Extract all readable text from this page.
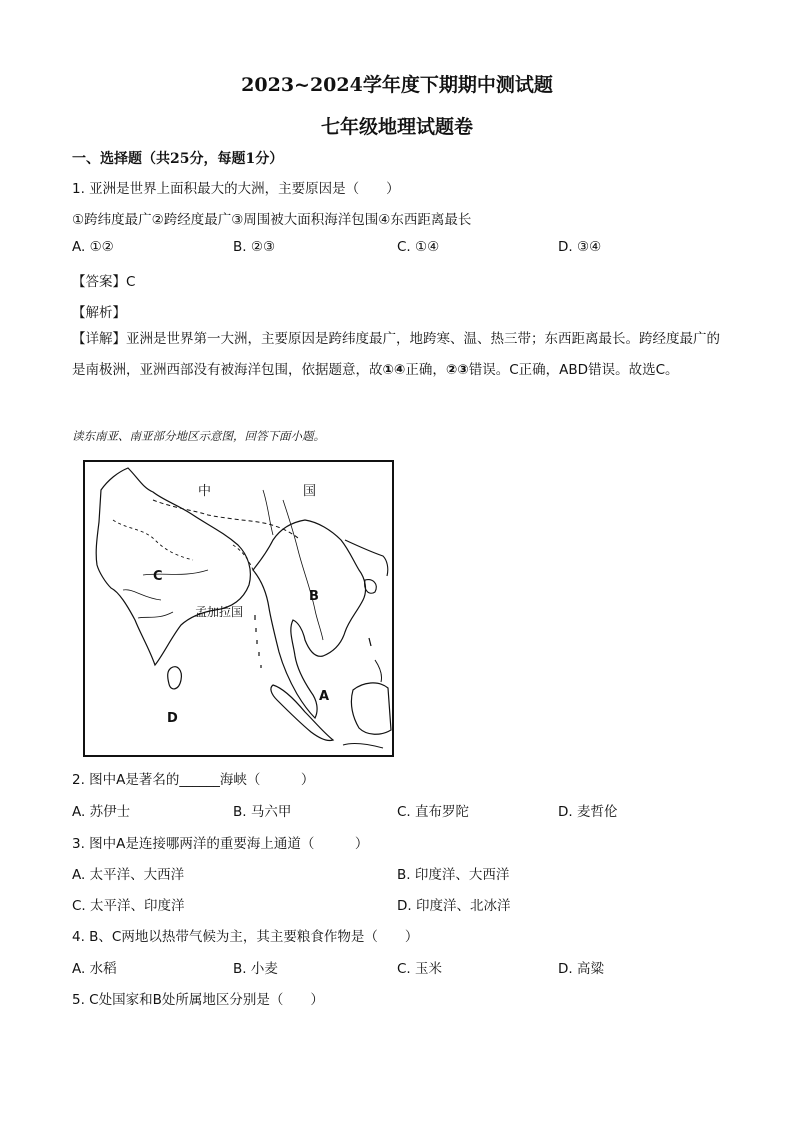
2023~2024学年度下期期中测试题
七年级地理试题卷
一、选择题（共25分，每题1分）
1. 亚洲是世界上面积最大的大洲，主要原因是（　　）
①跨纬度最广②跨经度最广③周围被大面积海洋包围④东西距离最长
A. ①②	B. ②③	C. ①④	D. ③④
【答案】C
【解析】
【详解】亚洲是世界第一大洲，主要原因是跨纬度最广，地跨寒、温、热三带；东西距离最长。跨经度最广的是南极洲，亚洲西部没有被海洋包围，依据题意，故①④正确，②③错误。C正确，ABD错误。故选C。
读东南亚、南亚部分地区示意图，回答下面小题。
中	国
C
B
孟加拉国
A
D
2. 图中A是著名的______海峡（　　　）
A. 苏伊士	B. 马六甲	C. 直布罗陀	D. 麦哲伦
3. 图中A是连接哪两洋的重要海上通道（　　　）
A. 太平洋、大西洋	B. 印度洋、大西洋
C. 太平洋、印度洋	D. 印度洋、北冰洋
4. B、C两地以热带气候为主，其主要粮食作物是（　　）
A. 水稻	B. 小麦	C. 玉米	D. 高粱
5. C处国家和B处所属地区分别是（　　）
